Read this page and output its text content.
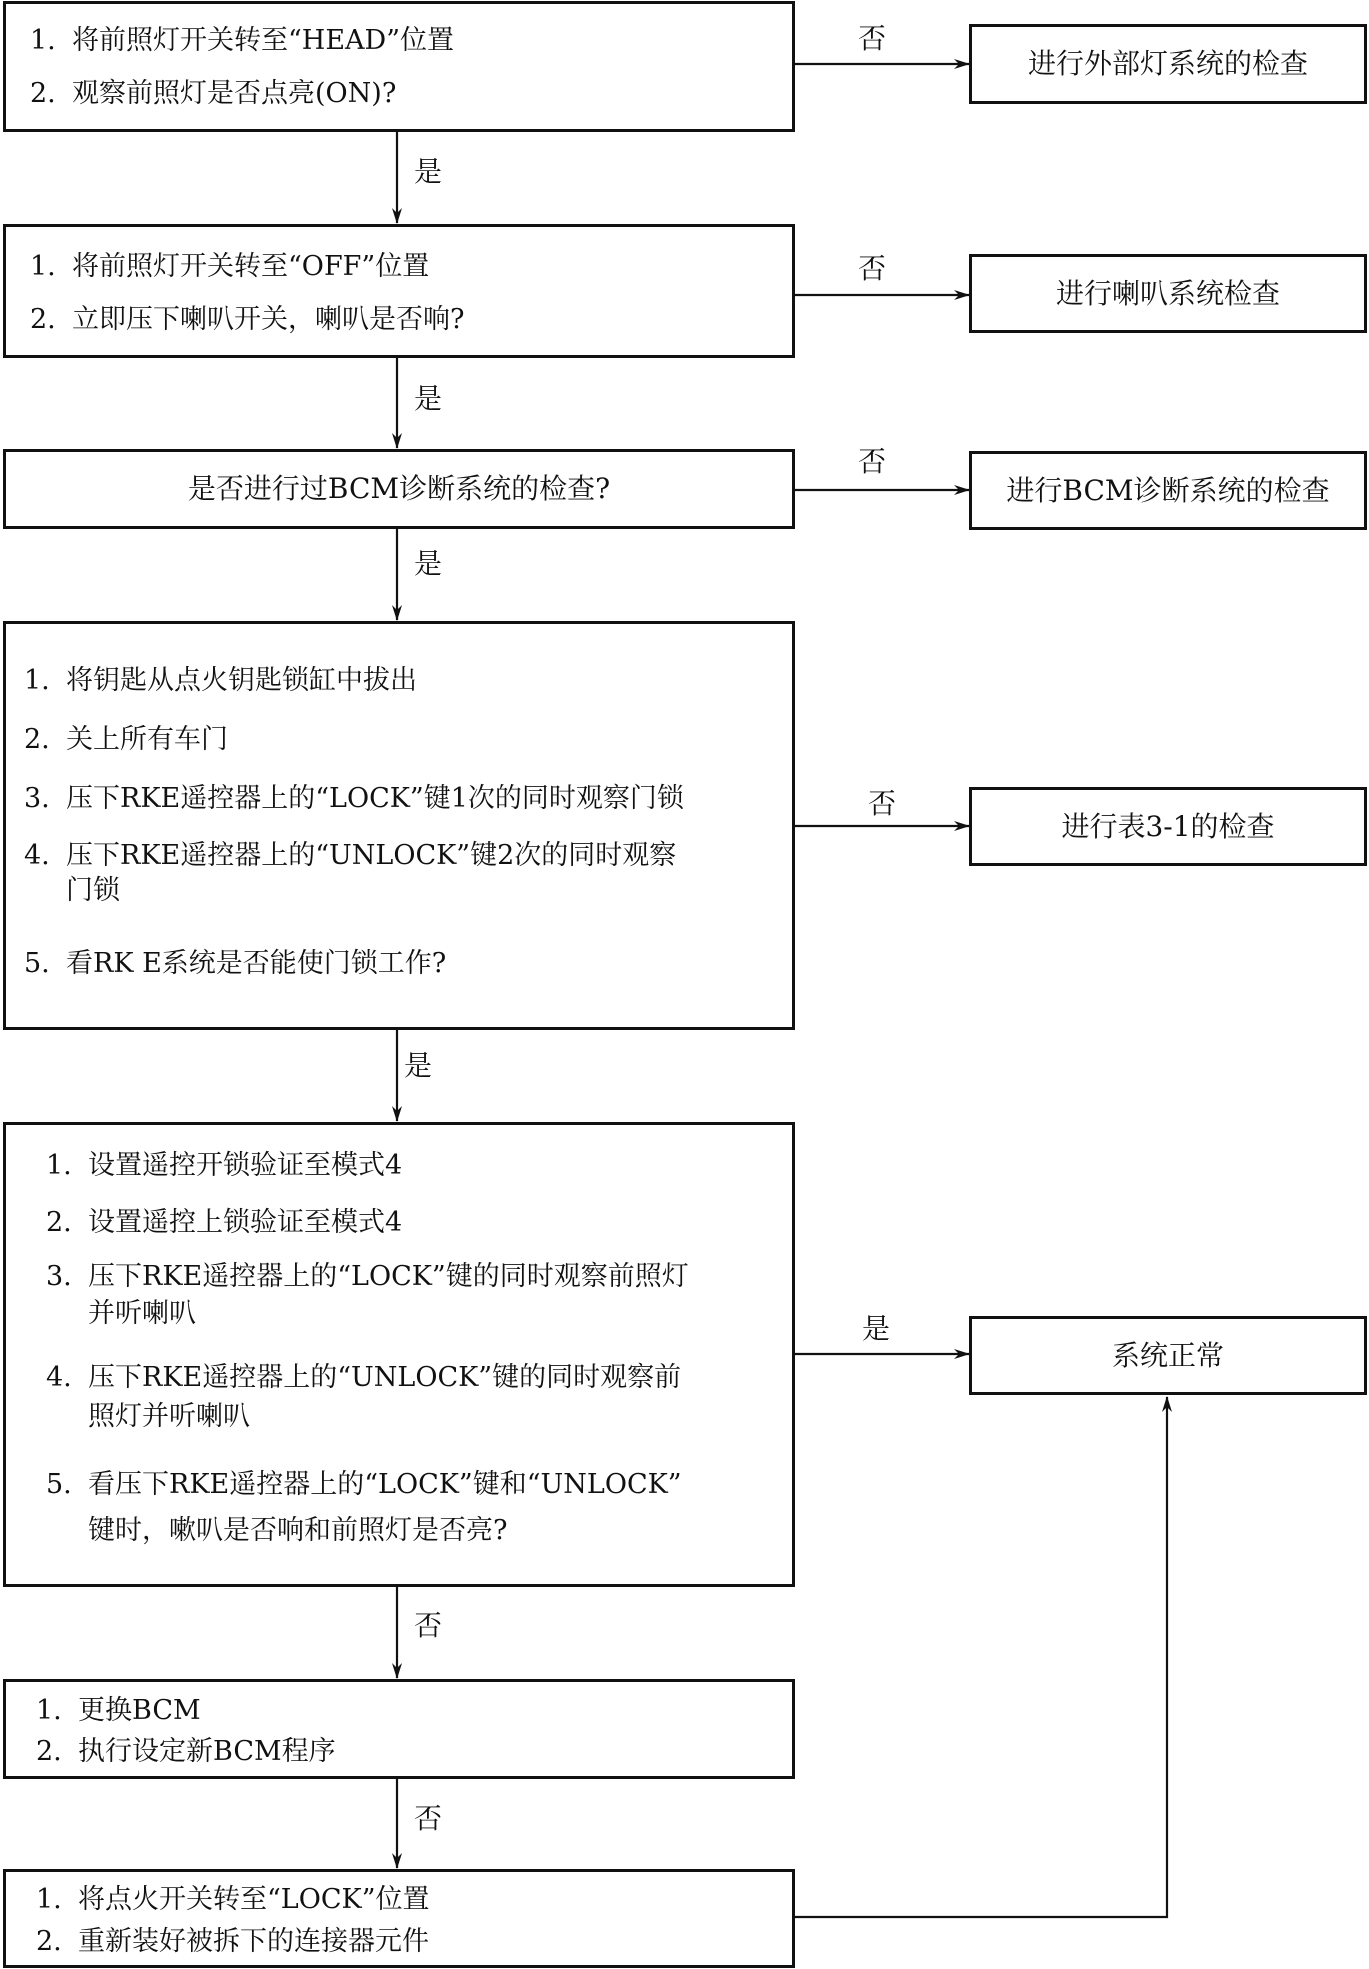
1. 将前照灯开关转至“HEAD”位置
2. 观察前照灯是否点亮(ON)?
1. 将前照灯开关转至“OFF”位置
2. 立即压下喇叭开关，喇叭是否响?
是否进行过BCM诊断系统的检查?
1. 将钥匙从点火钥匙锁缸中拔出
2. 关上所有车门
3. 压下RKE遥控器上的“LOCK”键1次的同时观察门锁
4. 压下RKE遥控器上的“UNLOCK”键2次的同时观察
门锁
5. 看RK E系统是否能使门锁工作?
1. 设置遥控开锁验证至模式4
2. 设置遥控上锁验证至模式4
3. 压下RKE遥控器上的“LOCK”键的同时观察前照灯
并听喇叭
4. 压下RKE遥控器上的“UNLOCK”键的同时观察前
照灯并听喇叭
5. 看压下RKE遥控器上的“LOCK”键和“UNLOCK”
键时，嗽叭是否响和前照灯是否亮?
1. 更换BCM
2. 执行设定新BCM程序
1. 将点火开关转至“LOCK”位置
2. 重新装好被拆下的连接器元件
进行外部灯系统的检查
进行喇叭系统检查
进行BCM诊断系统的检查
进行表3-1的检查
系统正常
否
否
否
否
是
是
是
是
是
否
否
